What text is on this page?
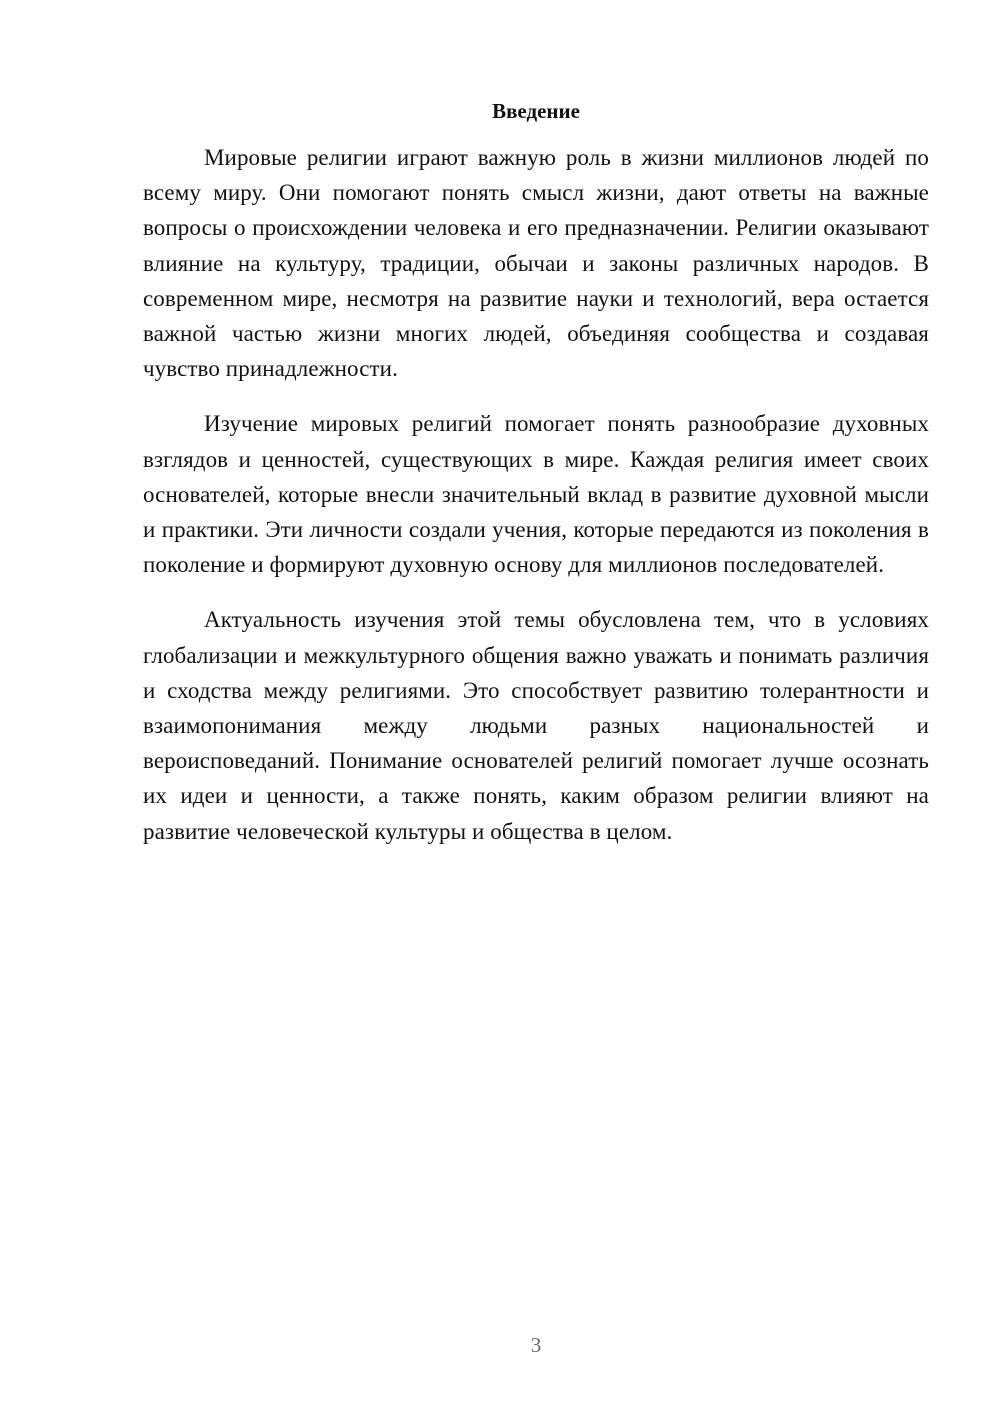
Введение

Мировые религии играют важную роль в жизни миллионов людей по всему миру. Они помогают понять смысл жизни, дают ответы на важные вопросы о происхождении человека и его предназначении. Религии оказывают влияние на культуру, традиции, обычаи и законы различных народов. В современном мире, несмотря на развитие науки и технологий, вера остается важной частью жизни многих людей, объединяя сообщества и создавая чувство принадлежности.

Изучение мировых религий помогает понять разнообразие духовных взглядов и ценностей, существующих в мире. Каждая религия имеет своих основателей, которые внесли значительный вклад в развитие духовной мысли и практики. Эти личности создали учения, которые передаются из поколения в поколение и формируют духовную основу для миллионов последователей.

Актуальность изучения этой темы обусловлена тем, что в условиях глобализации и межкультурного общения важно уважать и понимать различия и сходства между религиями. Это способствует развитию толерантности и взаимопонимания между людьми разных национальностей и вероисповеданий. Понимание основателей религий помогает лучше осознать их идеи и ценности, а также понять, каким образом религии влияют на развитие человеческой культуры и общества в целом.

3
